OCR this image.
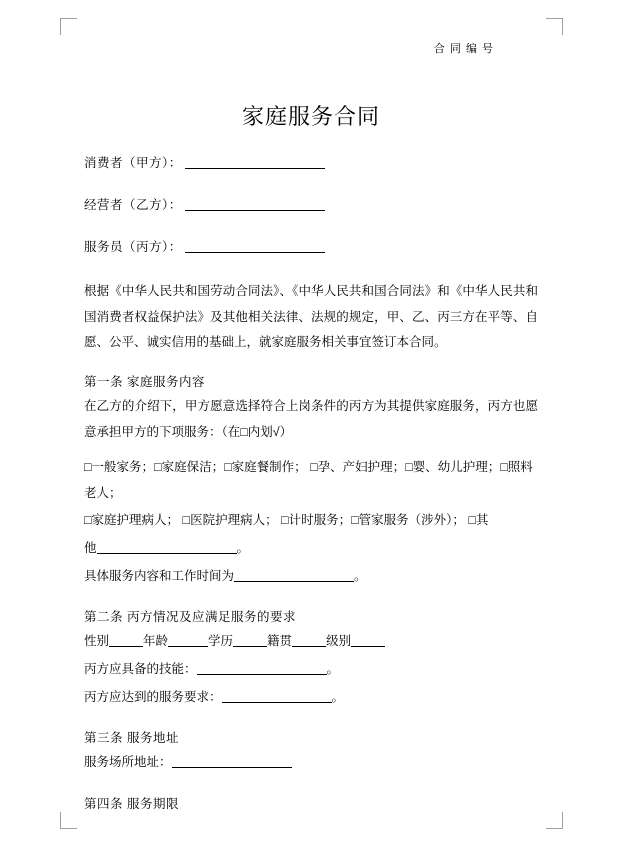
合 同 编 号
家庭服务合同
消费者（甲方）：
经营者（乙方）：
服务员（丙方）：

根据《中华人民共和国劳动合同法》、《中华人民共和国合同法》和《中华人民共和国消费者权益保护法》及其他相关法律、法规的规定，甲、乙、丙三方在平等、自愿、公平、诚实信用的基础上，就家庭服务相关事宜签订本合同。

第一条 家庭服务内容

在乙方的介绍下，甲方愿意选择符合上岗条件的丙方为其提供家庭服务，丙方也愿意承担甲方的下项服务：（在□内划√）

□一般家务；□家庭保洁；□家庭餐制作； □孕、产妇护理；□婴、幼儿护理；□照料老人；

□家庭护理病人； □医院护理病人； □计时服务；□管家服务（涉外）； □其

他	。

具体服务内容和工作时间为	。

第二条 丙方情况及应满足服务的要求

性别	年龄	学历	籍贯	级别

丙方应具备的技能：	。

丙方应达到的服务要求：	。

第三条 服务地址

服务场所地址：

第四条 服务期限
